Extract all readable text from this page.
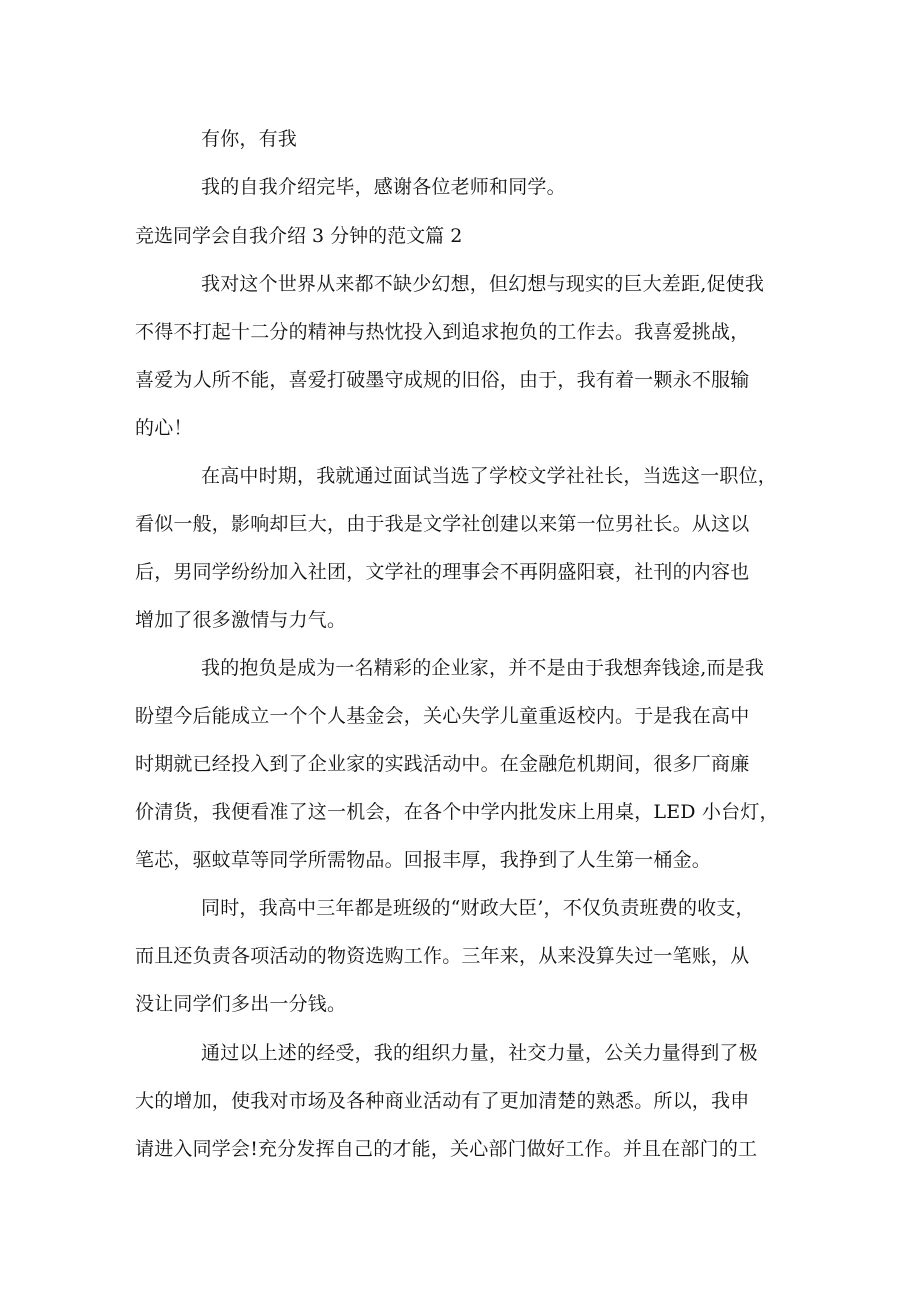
有你，有我
我的自我介绍完毕，感谢各位老师和同学。
竞选同学会自我介绍 3 分钟的范文篇 2
我对这个世界从来都不缺少幻想，但幻想与现实的巨大差距,促使我
不得不打起十二分的精神与热忱投入到追求抱负的工作去。我喜爱挑战，
喜爱为人所不能，喜爱打破墨守成规的旧俗，由于，我有着一颗永不服输
的心！
在高中时期，我就通过面试当选了学校文学社社长，当选这一职位，
看似一般，影响却巨大，由于我是文学社创建以来第一位男社长。从这以
后，男同学纷纷加入社团，文学社的理事会不再阴盛阳衰，社刊的内容也
增加了很多激情与力气。
我的抱负是成为一名精彩的企业家，并不是由于我想奔钱途,而是我
盼望今后能成立一个个人基金会，关心失学儿童重返校内。于是我在高中
时期就已经投入到了企业家的实践活动中。在金融危机期间，很多厂商廉
价清货，我便看准了这一机会，在各个中学内批发床上用桌，LED 小台灯，
笔芯，驱蚊草等同学所需物品。回报丰厚，我挣到了人生第一桶金。
同时，我高中三年都是班级的“财政大臣’，不仅负责班费的收支，
而且还负责各项活动的物资选购工作。三年来，从来没算失过一笔账，从
没让同学们多出一分钱。
通过以上述的经受，我的组织力量，社交力量，公关力量得到了极
大的增加，使我对市场及各种商业活动有了更加清楚的熟悉。所以，我申
请进入同学会!充分发挥自己的才能，关心部门做好工作。并且在部门的工
